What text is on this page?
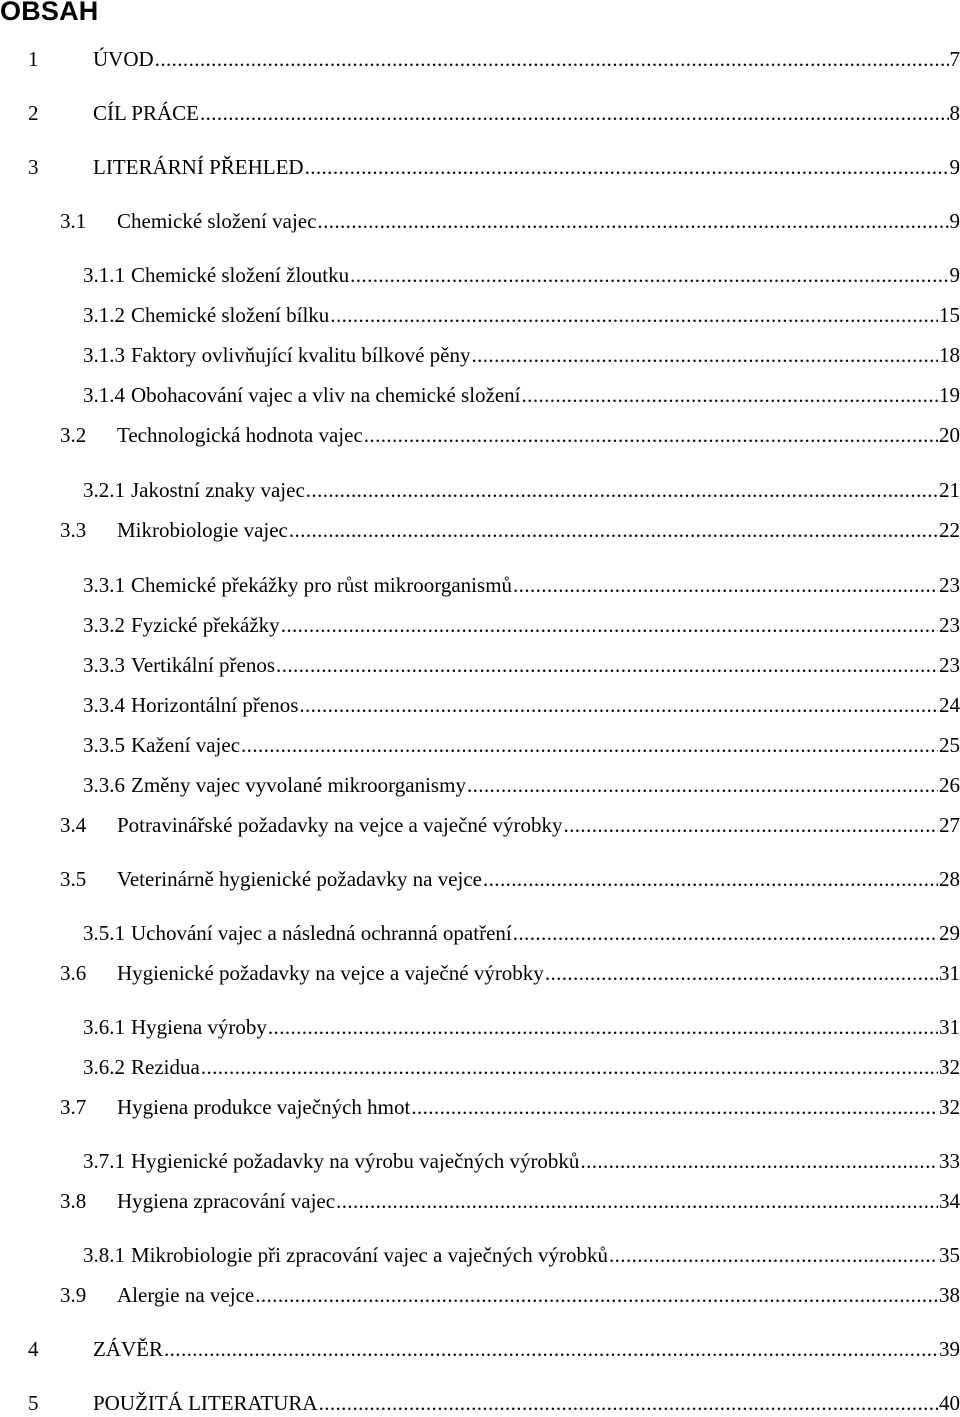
OBSAH
1	ÚVOD .....	7
2	CÍL PRÁCE .....	8
3	LITERÁRNÍ PŘEHLED .....	9
3.1	Chemické složení vajec .....	9
3.1.1 Chemické složení žloutku .....	9
3.1.2 Chemické složení bílku .....	15
3.1.3 Faktory ovlivňující kvalitu bílkové pěny .....	18
3.1.4 Obohacování vajec a vliv na chemické složení .....	19
3.2	Technologická hodnota vajec .....	20
3.2.1 Jakostní znaky vajec .....	21
3.3	Mikrobiologie vajec .....	22
3.3.1 Chemické překážky pro růst mikroorganismů .....	23
3.3.2 Fyzické překážky .....	23
3.3.3 Vertikální přenos .....	23
3.3.4 Horizontální přenos .....	24
3.3.5 Kažení vajec .....	25
3.3.6 Změny vajec vyvolané mikroorganismy .....	26
3.4	Potravinářské požadavky na vejce a vaječné výrobky .....	27
3.5	Veterinárně hygienické požadavky na vejce .....	28
3.5.1 Uchování vajec a následná ochranná opatření .....	29
3.6	Hygienické požadavky na vejce a vaječné výrobky .....	31
3.6.1 Hygiena výroby .....	31
3.6.2 Rezidua .....	32
3.7	Hygiena produkce vaječných hmot .....	32
3.7.1 Hygienické požadavky na výrobu vaječných výrobků .....	33
3.8	Hygiena zpracování vajec .....	34
3.8.1 Mikrobiologie při zpracování vajec a vaječných výrobků .....	35
3.9	Alergie na vejce .....	38
4	ZÁVĚR .....	39
5	POUŽITÁ LITERATURA .....	40
